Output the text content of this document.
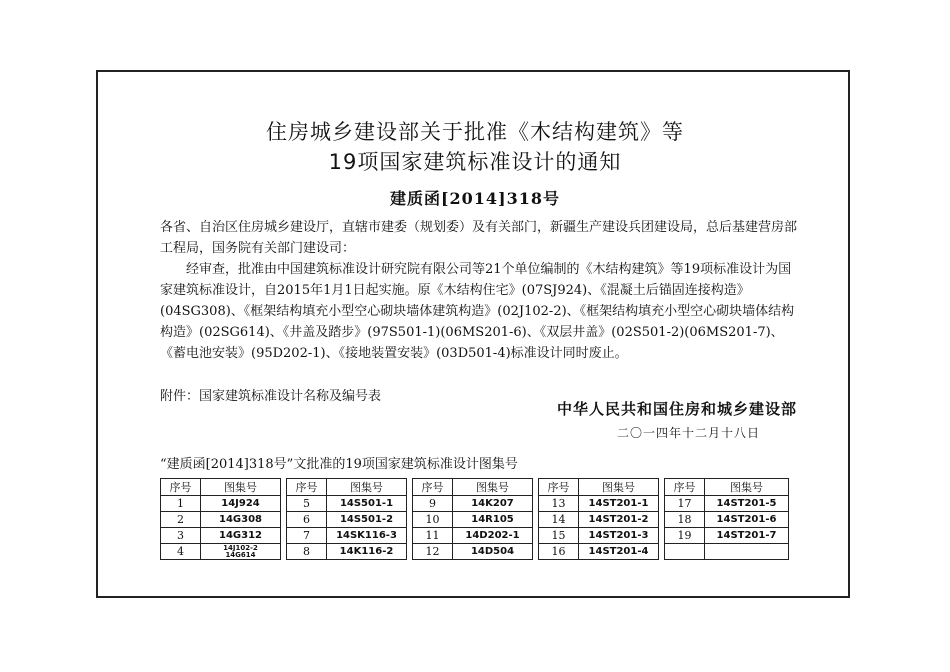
住房城乡建设部关于批准《木结构建筑》等
19项国家建筑标准设计的通知
建质函[2014]318号
各省、自治区住房城乡建设厅，直辖市建委（规划委）及有关部门，新疆生产建设兵团建设局，总后基建营房部工程局，国务院有关部门建设司：
经审查，批准由中国建筑标准设计研究院有限公司等21个单位编制的《木结构建筑》等19项标准设计为国家建筑标准设计，自2015年1月1日起实施。原《木结构住宅》(07SJ924)、《混凝土后锚固连接构造》(04SG308)、《框架结构填充小型空心砌块墙体建筑构造》(02J102-2)、《框架结构填充小型空心砌块墙体结构构造》(02SG614)、《井盖及踏步》(97S501-1)(06MS201-6)、《双层井盖》(02S501-2)(06MS201-7)、《蓄电池安装》(95D202-1)、《接地装置安装》(03D501-4)标准设计同时废止。
附件：国家建筑标准设计名称及编号表
中华人民共和国住房和城乡建设部
二〇一四年十二月十八日
“建质函[2014]318号”文批准的19项国家建筑标准设计图集号
序号	图集号		序号	图集号		序号	图集号		序号	图集号		序号	图集号
1	14J924		5	14S501-1		9	14K207		13	14ST201-1		17	14ST201-5
2	14G308		6	14S501-2		10	14R105		14	14ST201-2		18	14ST201-6
3	14G312		7	14SK116-3		11	14D202-1		15	14ST201-3		19	14ST201-7
4	14J102-2
14G614		8	14K116-2		12	14D504		16	14ST201-4			
